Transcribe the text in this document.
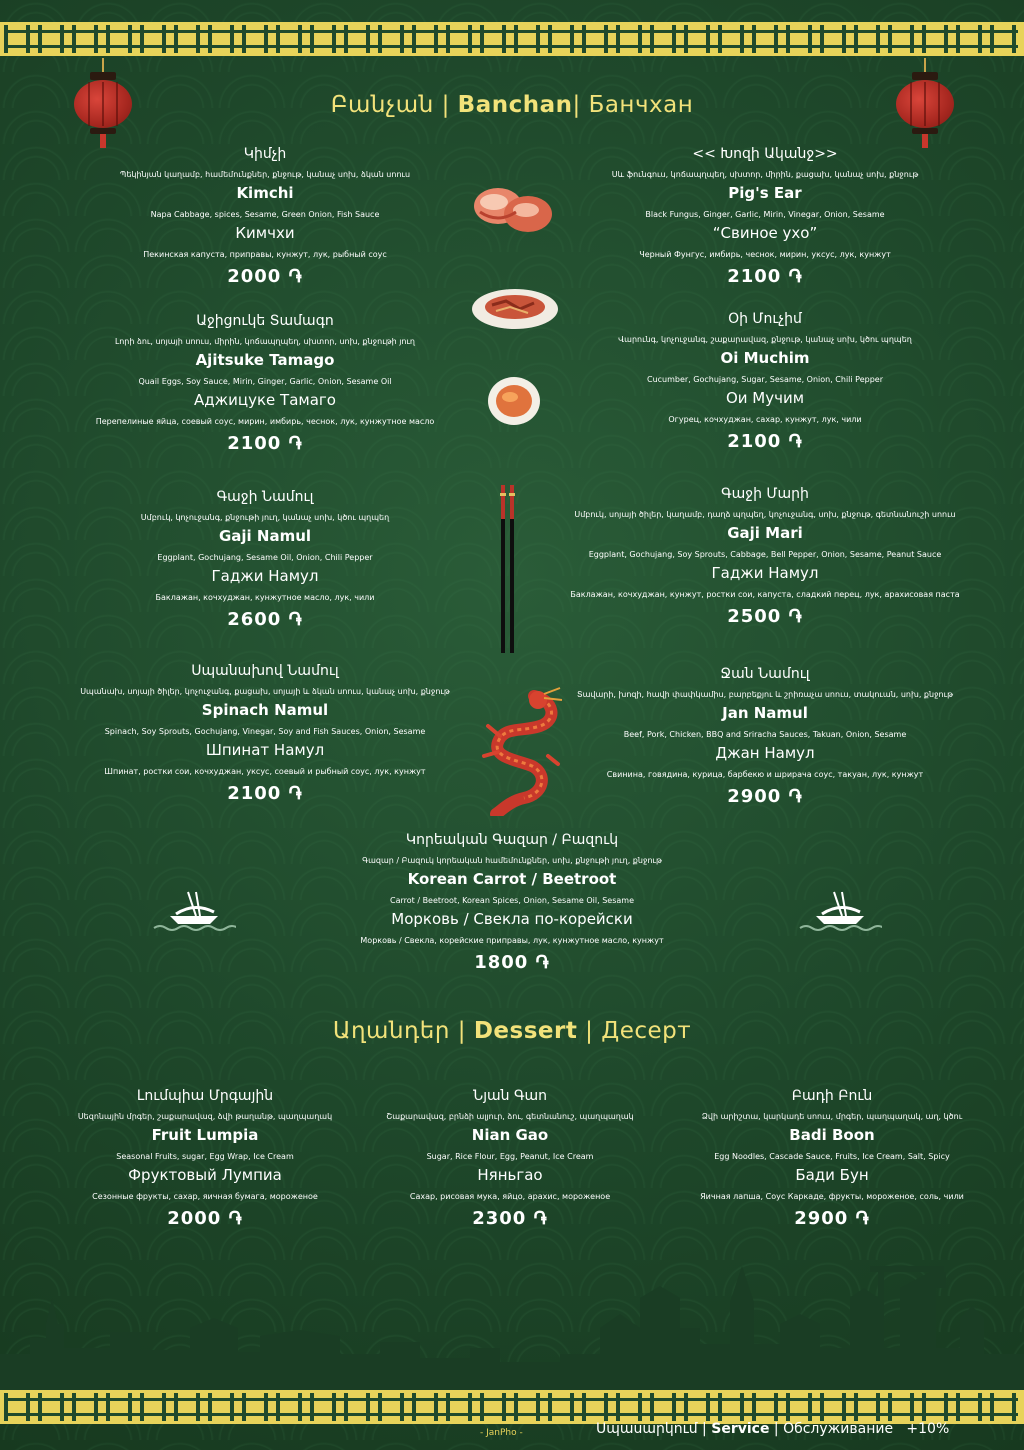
Բանչան | Banchan| Банчхан
Կիմչի
Պեկինյան կաղամբ, համեմունքներ, քնջութ, կանաչ սոխ, ձկան սոուս
Kimchi
Napa Cabbage, spices, Sesame, Green Onion, Fish Sauce
Кимчхи
Пекинская капуста, приправы, кунжут, лук, рыбный соус
2000 ֏
Աջիցուկե Տամագո
Լորի ձու, սոյայի սոուս, միրին, կոճապղպեղ, սխտոր, սոխ, քնջութի յուղ
Ajitsuke Tamago
Quail Eggs, Soy Sauce, Mirin, Ginger, Garlic, Onion, Sesame Oil
Аджицуке Тамаго
Перепелиные яйца, соевый соус, мирин, имбирь, чеснок, лук, кунжутное масло
2100 ֏
Գաջի Նամուլ
Սմբուկ, կոչուջանգ, քնջութի յուղ, կանաչ սոխ, կծու պղպեղ
Gaji Namul
Eggplant, Gochujang, Sesame Oil, Onion, Chili Pepper
Гаджи Намул
Баклажан, кочхуджан, кунжутное масло, лук, чили
2600 ֏
Սպանախով Նամուլ
Սպանախ, սոյայի ծիլեր, կոչուջանգ, քացախ, սոյայի և ձկան սոուս, կանաչ սոխ, քնջութ
Spinach Namul
Spinach, Soy Sprouts, Gochujang, Vinegar, Soy and Fish Sauces, Onion, Sesame
Шпинат Намул
Шпинат, ростки сои, кочхуджан, уксус, соевый и рыбный соус, лук, кунжут
2100 ֏
<< Խոզի Ականջ>>
Սև ֆունգուս, կոճապղպեղ, սխտոր, միրին, քացախ, կանաչ սոխ, քնջութ
Pig's Ear
Black Fungus, Ginger, Garlic, Mirin, Vinegar, Onion, Sesame
“Свиное ухо”
Черный Фунгус, имбирь, чеснок, мирин, уксус, лук, кунжут
2100 ֏
Օի Մուչիմ
Վարունգ, կոչուջանգ, շաքարավազ, քնջութ, կանաչ սոխ, կծու պղպեղ
Oi Muchim
Cucumber, Gochujang, Sugar, Sesame, Onion, Chili Pepper
Ои Мучим
Огурец, кочхуджан, сахар, кунжут, лук, чили
2100 ֏
Գաջի Մարի
Սմբուկ, սոյայի ծիլեր, կաղամբ, դաղձ պղպեղ, կոչուջանգ, սոխ, քնջութ, գետնանուշի սոուս
Gaji Mari
Eggplant, Gochujang, Soy Sprouts, Cabbage, Bell Pepper, Onion, Sesame, Peanut Sauce
Гаджи Намул
Баклажан, кочхуджан, кунжут, ростки сои, капуста, сладкий перец, лук, арахисовая паста
2500 ֏
Ջան Նամուլ
Տավարի, խոզի, հավի փափկամիս, բարբեքյու և շրիռաչա սոուս, տակուան, սոխ, քնջութ
Jan Namul
Beef, Pork, Chicken, BBQ and Sriracha Sauces, Takuan, Onion, Sesame
Джан Намул
Свинина, говядина, курица, барбекю и шрирача соус, такуан, лук, кунжут
2900 ֏
Կորեական Գազար / Բազուկ
Գազար / Բազուկ կորեական համեմունքներ, սոխ, քնջութի յուղ, քնջութ
Korean Carrot / Beetroot
Carrot / Beetroot, Korean Spices, Onion, Sesame Oil, Sesame
Морковь / Свекла по-корейски
Морковь / Свекла, корейские приправы, лук, кунжутное масло, кунжут
1800 ֏
Աղանդեր | Dessert | Десерт
Լումպիա Մրգային
Սեզոնային մրգեր, շաքարավազ, ձվի թաղանթ, պաղպաղակ
Fruit Lumpia
Seasonal Fruits, sugar, Egg Wrap, Ice Cream
Фруктовый Лумпиа
Сезонные фрукты, сахар, яичная бумага, мороженое
2000 ֏
Նյան Գաո
Շաքարավազ, բրնձի ալյուր, ձու, գետնանուշ, պաղպաղակ
Nian Gao
Sugar, Rice Flour, Egg, Peanut, Ice Cream
Няньгао
Сахар, рисовая мука, яйцо, арахис, мороженое
2300 ֏
Բադի Բուն
Ձվի արիշտա, կարկադե սոուս, մրգեր, պաղպաղակ, աղ, կծու
Badi Boon
Egg Noodles, Cascade Sauce, Fruits, Ice Cream, Salt, Spicy
Бади Бун
Яичная лапша, Соус Каркаде, фрукты, мороженое, соль, чили
2900 ֏
- JanPho -	Սպասարկում | Service | Обслуживание +10%
